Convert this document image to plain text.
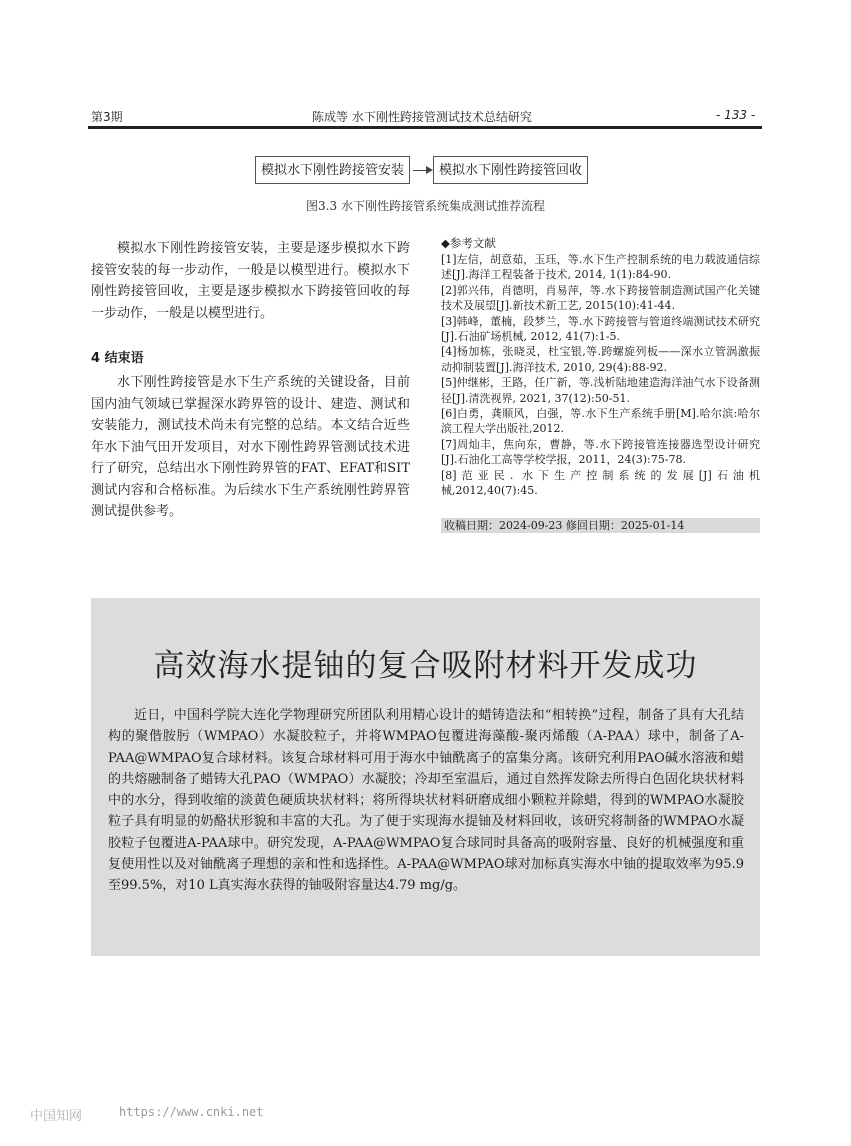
第3期	陈成等 水下刚性跨接管测试技术总结研究	- 133 -
模拟水下刚性跨接管安装	模拟水下刚性跨接管回收
图3.3 水下刚性跨接管系统集成测试推荐流程

模拟水下刚性跨接管安装，主要是逐步模拟水下跨接管安装的每一步动作，一般是以模型进行。模拟水下刚性跨接管回收，主要是逐步模拟水下跨接管回收的每一步动作，一般是以模型进行。

4 结束语

水下刚性跨接管是水下生产系统的关键设备，目前国内油气领域已掌握深水跨界管的设计、建造、测试和安装能力，测试技术尚未有完整的总结。本文结合近些年水下油气田开发项目，对水下刚性跨界管测试技术进行了研究，总结出水下刚性跨界管的FAT、EFAT和SIT测试内容和合格标准。为后续水下生产系统刚性跨界管测试提供参考。

◆参考文献
[1]左信，胡意茹，玉珏，等.水下生产控制系统的电力载波通信综述[J].海洋工程装备于技术, 2014, 1(1):84-90.
[2]郭兴伟，肖德明，肖易萍，等.水下跨接管制造测试国产化关键技术及展望[J].新技术新工艺, 2015(10):41-44.
[3]韩峰，董楠，段梦兰，等.水下跨接管与管道终端测试技术研究[J].石油矿场机械, 2012, 41(7):1-5.
[4]杨加栋，张晓灵，杜宝银,等.跨螺旋列板——深水立管涡激振动抑制装置[J].海洋技术, 2010, 29(4):88-92.
[5]仲继彬，王路，任广新，等.浅析陆地建造海洋油气水下设备测径[J].清洗视界, 2021, 37(12):50-51.
[6]白勇，龚顺风，白强，等.水下生产系统手册[M].哈尔滨:哈尔滨工程大学出版社,2012.
[7]周灿丰，焦向东，曹静，等.水下跨接管连接器选型设计研究[J].石油化工高等学校学报，2011，24(3):75-78.
[8]范亚民. 水下生产控制系统的发展[J]石油机械,2012,40(7):45.
收稿日期：2024-09-23 修回日期：2025-01-14
高效海水提铀的复合吸附材料开发成功
近日，中国科学院大连化学物理研究所团队利用精心设计的蜡铸造法和“相转换”过程，制备了具有大孔结构的聚偕胺肟（WMPAO）水凝胶粒子，并将WMPAO包覆进海藻酸-聚丙烯酸（A-PAA）球中，制备了A-PAA@WMPAO复合球材料。该复合球材料可用于海水中铀酰离子的富集分离。该研究利用PAO碱水溶液和蜡的共熔融制备了蜡铸大孔PAO（WMPAO）水凝胶；冷却至室温后，通过自然挥发除去所得白色固化块状材料中的水分，得到收缩的淡黄色硬质块状材料；将所得块状材料研磨成细小颗粒并除蜡，得到的WMPAO水凝胶粒子具有明显的奶酪状形貌和丰富的大孔。为了便于实现海水提铀及材料回收，该研究将制备的WMPAO水凝胶粒子包覆进A-PAA球中。研究发现，A-PAA@WMPAO复合球同时具备高的吸附容量、良好的机械强度和重复使用性以及对铀酰离子理想的亲和性和选择性。A-PAA@WMPAO球对加标真实海水中铀的提取效率为95.9至99.5%，对10 L真实海水获得的铀吸附容量达4.79 mg/g。
中国知网	https://www.cnki.net
